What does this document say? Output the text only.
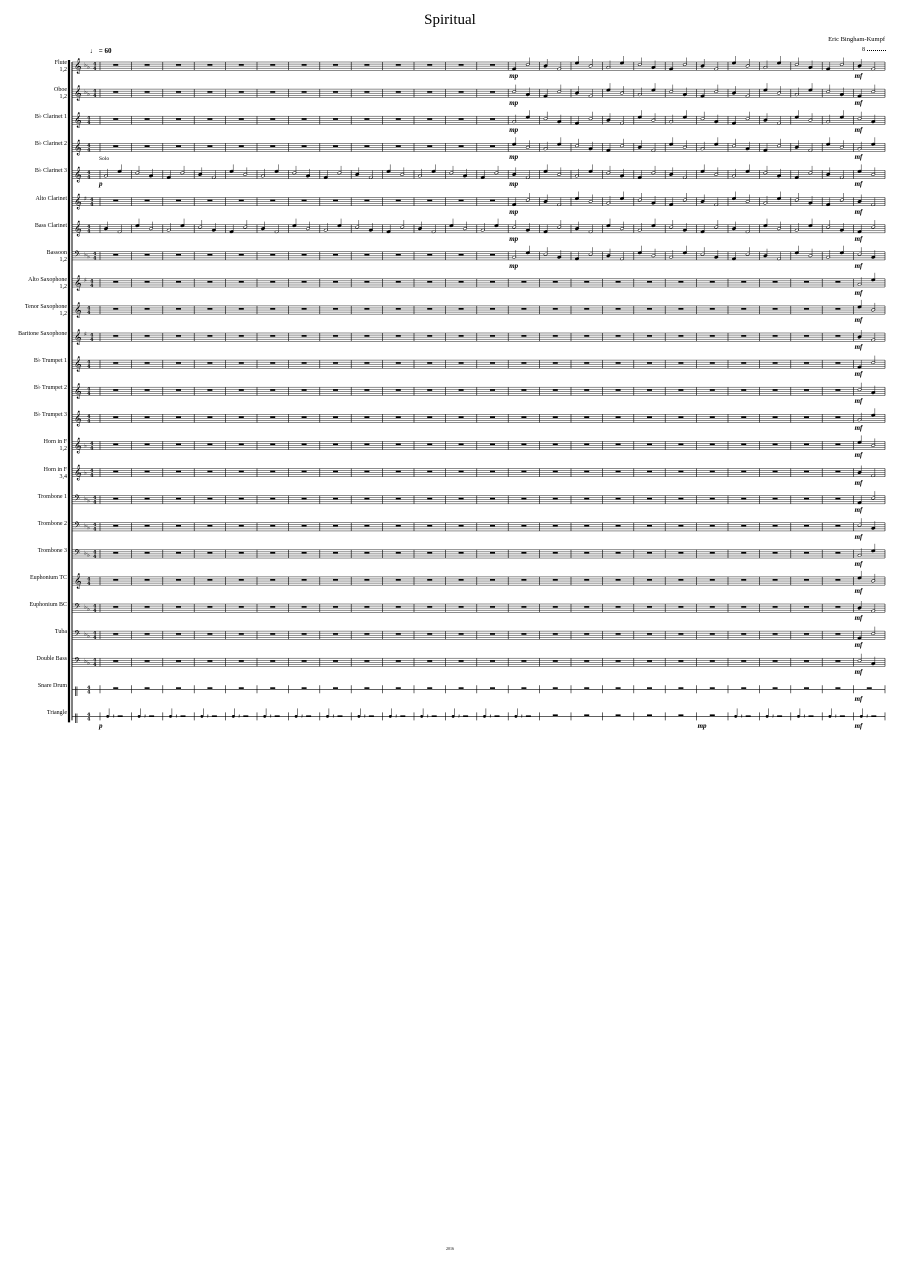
Spiritual
Eric Bingham-Kumpf
♩ = 60	8
Solo
𝄞 ♭ ♭ 4
4
𝄞 ♭ ♭ 4
4
𝄞 4
4
𝄞 4
4
𝄞 4
4
𝄞 ♯ 4
4
𝄞 4
4
𝄢 ♭ ♭ 4
4
𝄞 ♯ 4
4
𝄞 4
4
𝄞 ♯ 4
4
𝄞 4
4
𝄞 4
4
𝄞 4
4
𝄞 ♭ 4
4
𝄞 ♭ 4
4
𝄢 ♭ ♭ 4
4
𝄢 ♭ ♭ 4
4
𝄢 ♭ ♭ 4
4
𝄞 4
4
𝄢 ♭ ♭ 4
4
𝄢 ♭ ♭ 4
4
𝄢 ♭ ♭ 4
4
‖ 4
4
‖ 4
4	𝄽	𝄽	𝄽	𝄽	𝄽	𝄽	𝄽	𝄽	𝄽	𝄽	𝄽	𝄽	𝄽	𝄽	𝄽	𝄽	𝄽	𝄽	𝄽
Flute
1,2
Oboe
1,2
B♭ Clarinet 1
B♭ Clarinet 2
B♭ Clarinet 3
Alto Clarinet
Bass Clarinet
Bassoon
1,2
Alto Saxophone
1,2
Tenor Saxophone
1,2
Baritone Saxophone
B♭ Trumpet 1
B♭ Trumpet 2
B♭ Trumpet 3
Horn in F
1,2
Horn in F
3,4
Trombone 1
Trombone 2
Trombone 3
Euphonium TC
Euphonium BC
Tuba
Double Bass
Snare Drum
Triangle
p
p
mp
mp
mp
mp
mp
mp
mp
mp
mp
mf
mf
mf
mf
mf
mf
mf
mf
mf
mf
mf
mf
mf
mf
mf
mf
mf
mf
mf
mf
mf
mf
mf
mf
mf
2016
